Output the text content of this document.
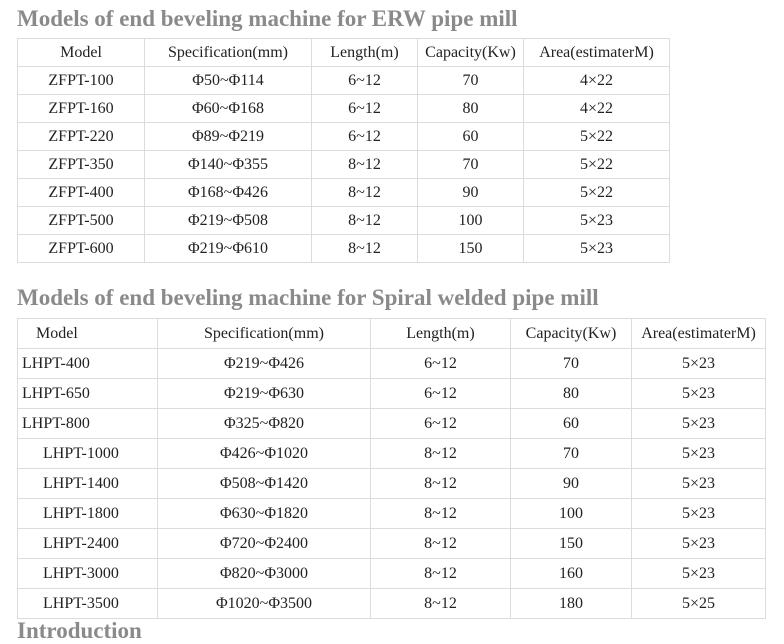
Models of end beveling machine for ERW pipe mill
Model	Specification(mm)	Length(m)	Capacity(Kw)	Area(estimaterM)
ZFPT-100	Φ50~Φ114	6~12	70	4×22
ZFPT-160	Φ60~Φ168	6~12	80	4×22
ZFPT-220	Φ89~Φ219	6~12	60	5×22
ZFPT-350	Φ140~Φ355	8~12	70	5×22
ZFPT-400	Φ168~Φ426	8~12	90	5×22
ZFPT-500	Φ219~Φ508	8~12	100	5×23
ZFPT-600	Φ219~Φ610	8~12	150	5×23
Models of end beveling machine for Spiral welded pipe mill
Model	Specification(mm)	Length(m)	Capacity(Kw)	Area(estimaterM)
LHPT-400	Φ219~Φ426	6~12	70	5×23
LHPT-650	Φ219~Φ630	6~12	80	5×23
LHPT-800	Φ325~Φ820	6~12	60	5×23
LHPT-1000	Φ426~Φ1020	8~12	70	5×23
LHPT-1400	Φ508~Φ1420	8~12	90	5×23
LHPT-1800	Φ630~Φ1820	8~12	100	5×23
LHPT-2400	Φ720~Φ2400	8~12	150	5×23
LHPT-3000	Φ820~Φ3000	8~12	160	5×23
LHPT-3500	Φ1020~Φ3500	8~12	180	5×25
Introduction
